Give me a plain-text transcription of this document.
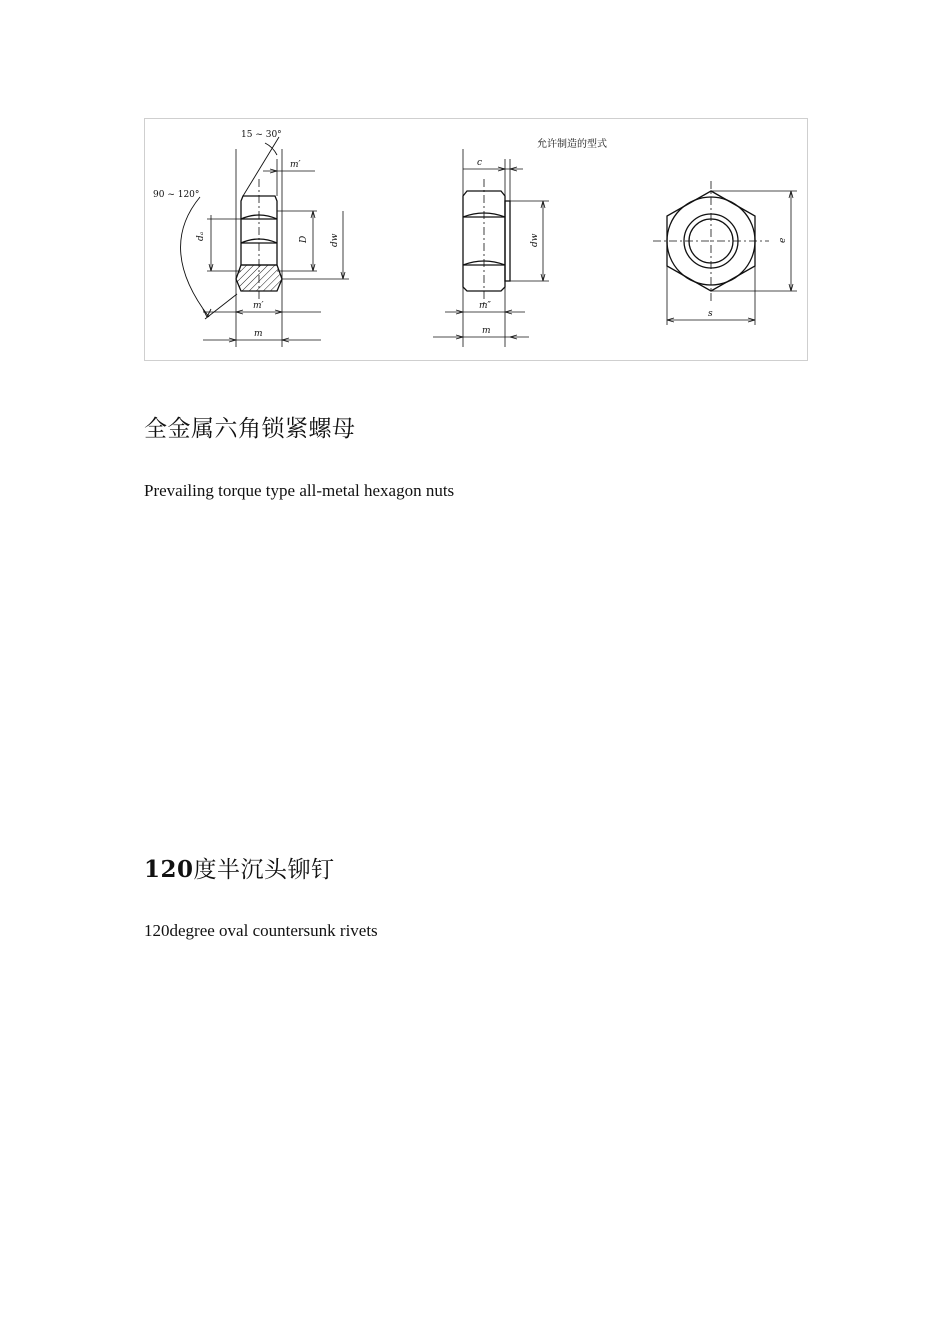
15 ~ 30°
90 ~ 120°
m′
m′
m
dₐ	D dw
允许制造的型式
c
dw
m″
m
e
s
全金属六角锁紧螺母

Prevailing torque type all-metal hexagon nuts

120度半沉头铆钉

120degree oval countersunk rivets
